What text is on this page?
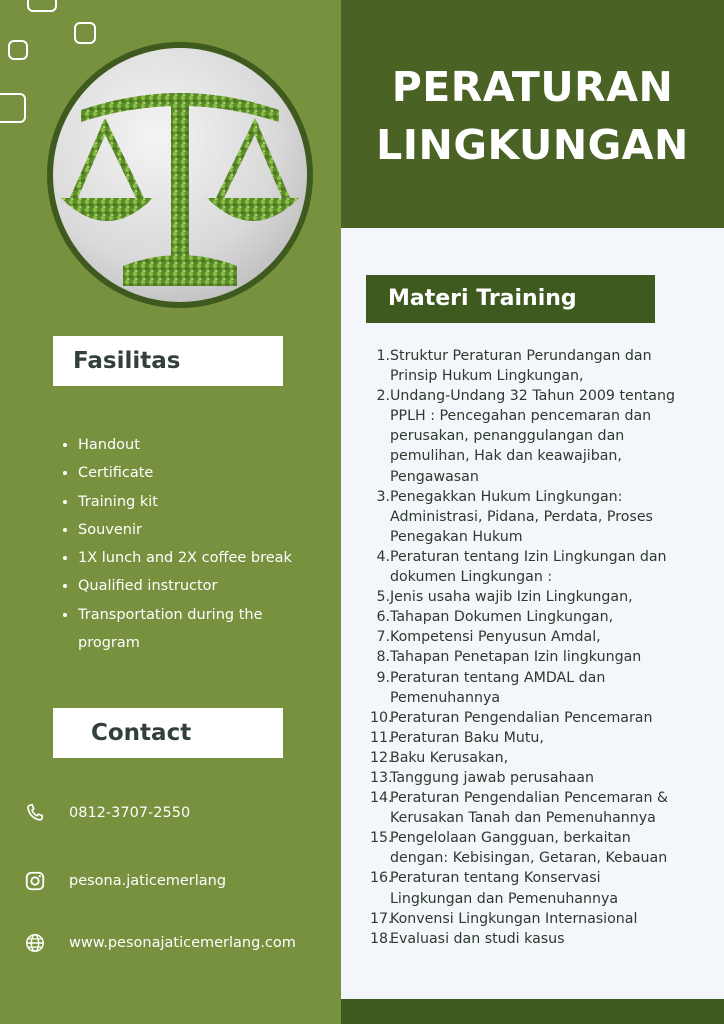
Fasilitas
• Handout
• Certificate
• Training kit
• Souvenir
• 1X lunch and 2X coffee break
• Qualified instructor
• Transportation during the program
Contact
0812-3707-2550
pesona.jaticemerlang
www.pesonajaticemerlang.com
PERATURAN
LINGKUNGAN
Materi Training
1. Struktur Peraturan Perundangan dan Prinsip Hukum Lingkungan,
2. Undang-Undang 32 Tahun 2009 tentang PPLH : Pencegahan pencemaran dan perusakan, penanggulangan dan pemulihan, Hak dan keawajiban, Pengawasan
3. Penegakkan Hukum Lingkungan: Administrasi, Pidana, Perdata, Proses Penegakan Hukum
4. Peraturan tentang Izin Lingkungan dan dokumen Lingkungan :
5. Jenis usaha wajib Izin Lingkungan,
6. Tahapan Dokumen Lingkungan,
7. Kompetensi Penyusun Amdal,
8. Tahapan Penetapan Izin lingkungan
9. Peraturan tentang AMDAL dan Pemenuhannya
10.
Peraturan Pengendalian Pencemaran
11.
Peraturan Baku Mutu,
12.
Baku Kerusakan,
13.
Tanggung jawab perusahaan
14.
Peraturan Pengendalian Pencemaran & Kerusakan Tanah dan Pemenuhannya
15.
Pengelolaan Gangguan, berkaitan dengan: Kebisingan, Getaran, Kebauan
16.
Peraturan tentang Konservasi Lingkungan dan Pemenuhannya
17.
Konvensi Lingkungan Internasional
18.
Evaluasi dan studi kasus
